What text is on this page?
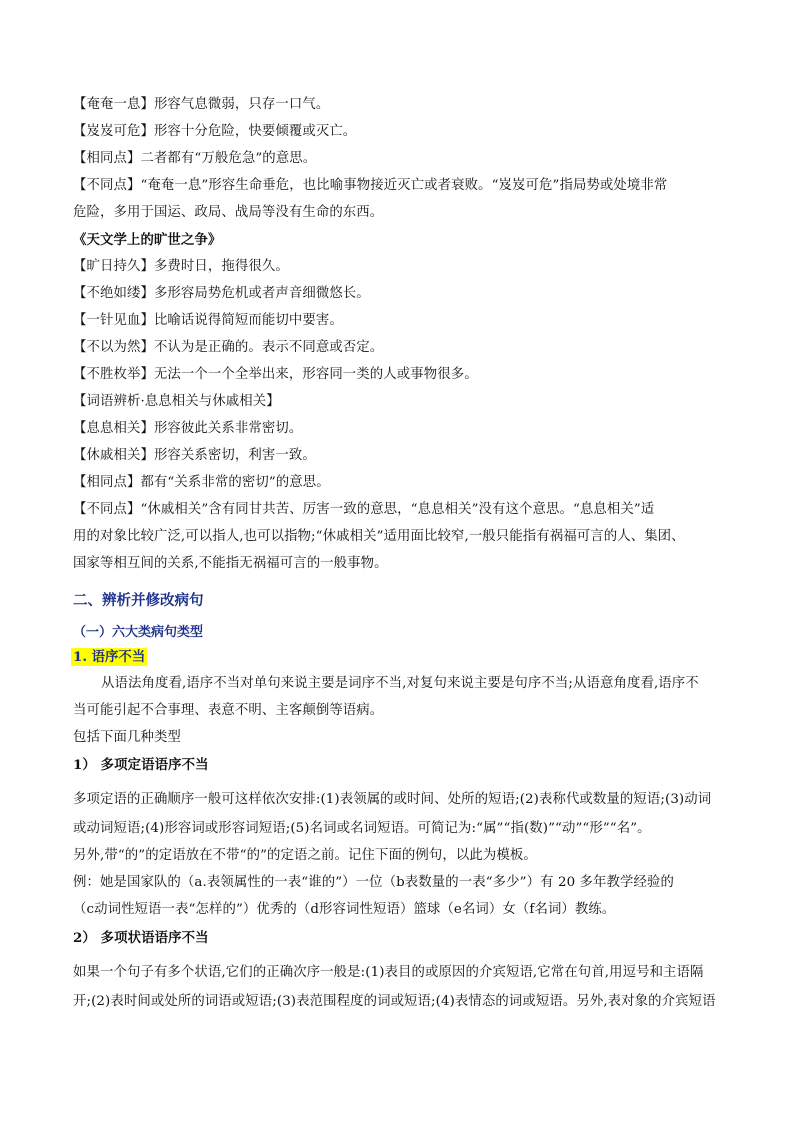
【奄奄一息】形容气息微弱，只存一口气。
【岌岌可危】形容十分危险，快要倾覆或灭亡。
【相同点】二者都有“万般危急”的意思。
【不同点】“奄奄一息”形容生命垂危，也比喻事物接近灭亡或者衰败。“岌岌可危”指局势或处境非常
危险，多用于国运、政局、战局等没有生命的东西。
《天文学上的旷世之争》
【旷日持久】多费时日，拖得很久。
【不绝如缕】多形容局势危机或者声音细微悠长。
【一针见血】比喻话说得简短而能切中要害。
【不以为然】不认为是正确的。表示不同意或否定。
【不胜枚举】无法一个一个全举出来，形容同一类的人或事物很多。
【词语辨析·息息相关与休戚相关】
【息息相关】形容彼此关系非常密切。
【休戚相关】形容关系密切，利害一致。
【相同点】都有“关系非常的密切”的意思。
【不同点】“休戚相关”含有同甘共苦、厉害一致的意思，“息息相关”没有这个意思。“息息相关”适
用的对象比较广泛,可以指人,也可以指物;“休戚相关”适用面比较窄,一般只能指有祸福可言的人、集团、
国家等相互间的关系,不能指无祸福可言的一般事物。
二、辨析并修改病句
（一）六大类病句类型
1. 语序不当
从语法角度看,语序不当对单句来说主要是词序不当,对复句来说主要是句序不当;从语意角度看,语序不
当可能引起不合事理、表意不明、主客颠倒等语病。
包括下面几种类型
1） 多项定语语序不当
多项定语的正确顺序一般可这样依次安排:(1)表领属的或时间、处所的短语;(2)表称代或数量的短语;(3)动词
或动词短语;(4)形容词或形容词短语;(5)名词或名词短语。可简记为:“属”“指(数)”“动”“形”“名”。
另外,带“的”的定语放在不带“的”的定语之前。记住下面的例句，以此为模板。
例：她是国家队的（a.表领属性的一表“谁的”）一位（b表数量的一表“多少”）有 20 多年教学经验的
（c动词性短语一表“怎样的”）优秀的（d形容词性短语）篮球（e名词）女（f名词）教练。
2） 多项状语语序不当
如果一个句子有多个状语,它们的正确次序一般是:(1)表目的或原因的介宾短语,它常在句首,用逗号和主语隔
开;(2)表时间或处所的词语或短语;(3)表范围程度的词或短语;(4)表情态的词或短语。另外,表对象的介宾短语
